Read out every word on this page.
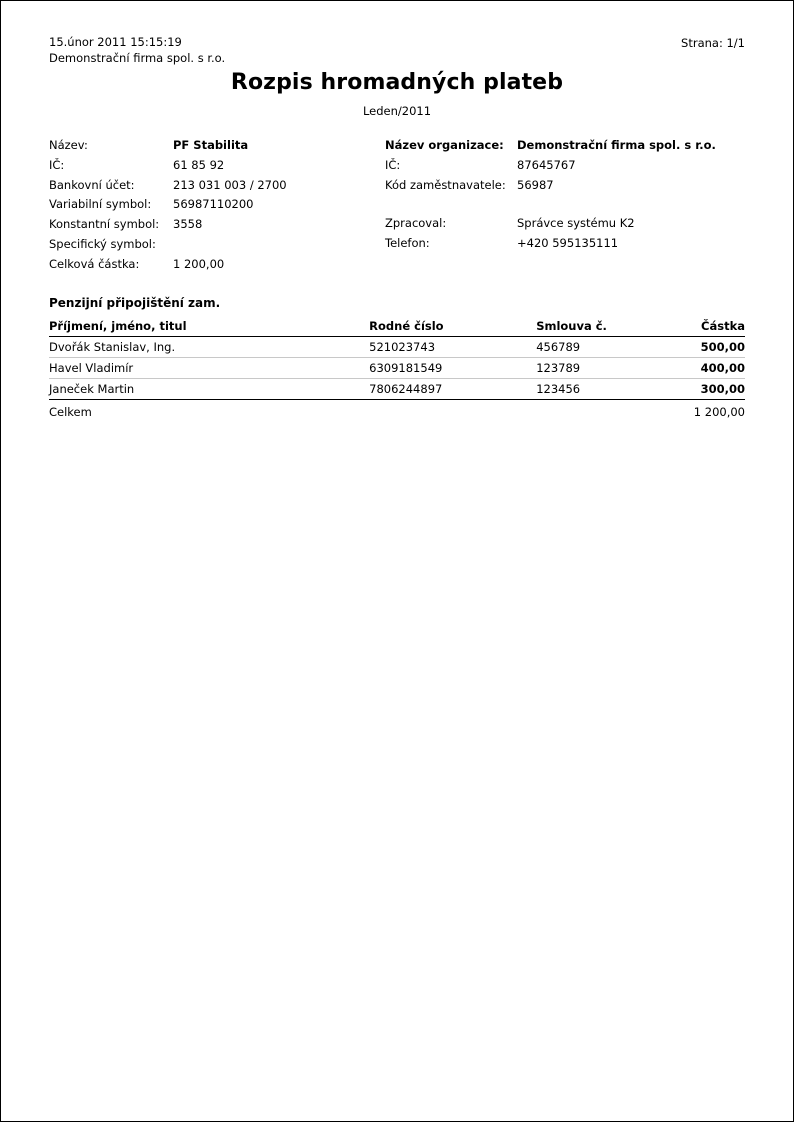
15.únor 2011 15:15:19
Demonstrační firma spol. s r.o.
Strana: 1/1
Rozpis hromadných plateb
Leden/2011
Název:	PF Stabilita
IČ:	61 85 92
Bankovní účet:	213 031 003 / 2700
Variabilní symbol:	56987110200
Konstantní symbol:	3558
Specifický symbol:
Celková částka:	1 200,00
Název organizace:	Demonstrační firma spol. s r.o.
IČ:	87645767
Kód zaměstnavatele: 56987
Zpracoval:	Správce systému K2
Telefon:	+420 595135111
Penzijní připojištění zam.
Příjmení, jméno, titul	Rodné číslo	Smlouva č.	Částka
Dvořák Stanislav, Ing.	521023743	456789	500,00
Havel Vladimír	6309181549	123789	400,00
Janeček Martin	7806244897	123456	300,00
Celkem			1 200,00
